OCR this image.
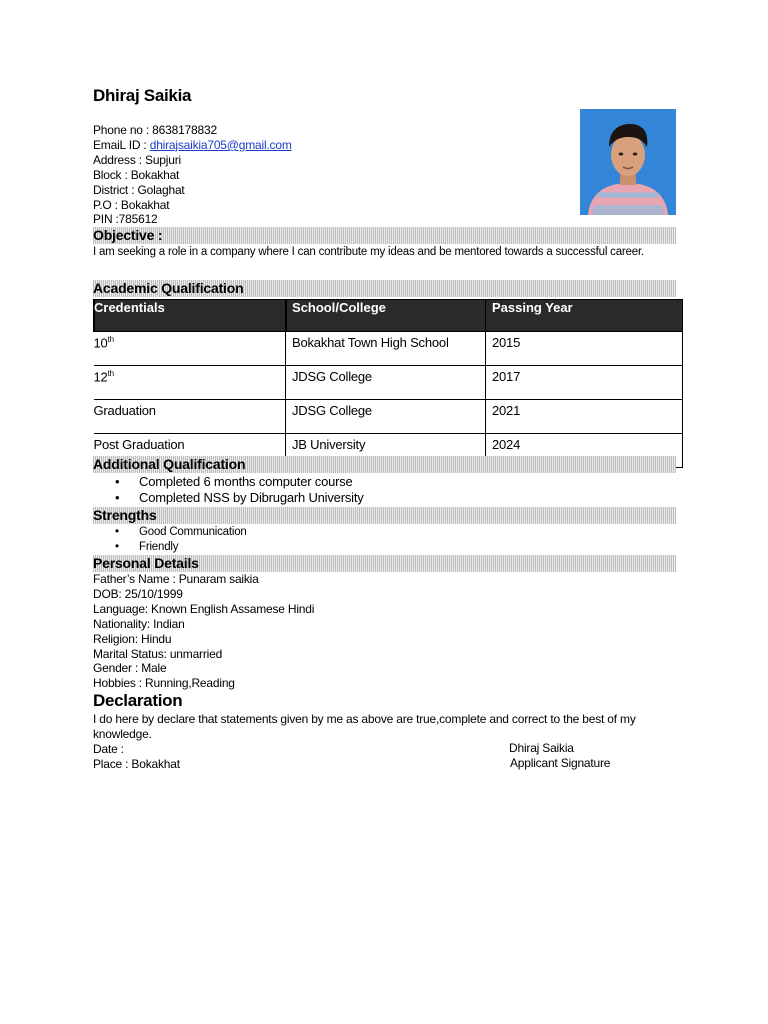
Dhiraj Saikia
Phone no : 8638178832
EmaiL ID : dhirajsaikia705@gmail.com
Address : Supjuri
Block : Bokakhat
District : Golaghat
P.O : Bokakhat
PIN :785612
Objective :
I am seeking a role in a company where I can contribute my ideas and be mentored towards a successful career.
Academic Qualification
Credentials	School/College	Passing Year
10th	Bokakhat Town High School	2015
12th	JDSG College	2017
Graduation	JDSG College	2021
Post Graduation	JB University	2024
Additional Qualification
• Completed 6 months computer course
• Completed NSS by Dibrugarh University
Strengths
• Good Communication
• Friendly
Personal Details
Father’s Name : Punaram saikia
DOB: 25/10/1999
Language: Known English Assamese Hindi
Nationality: Indian
Religion: Hindu
Marital Status: unmarried
Gender : Male
Hobbies : Running,Reading
Declaration
I do here by declare that statements given by me as above are true,complete and correct to the best of my knowledge.
Date :
Place : Bokakhat
Dhiraj Saikia
Applicant Signature
